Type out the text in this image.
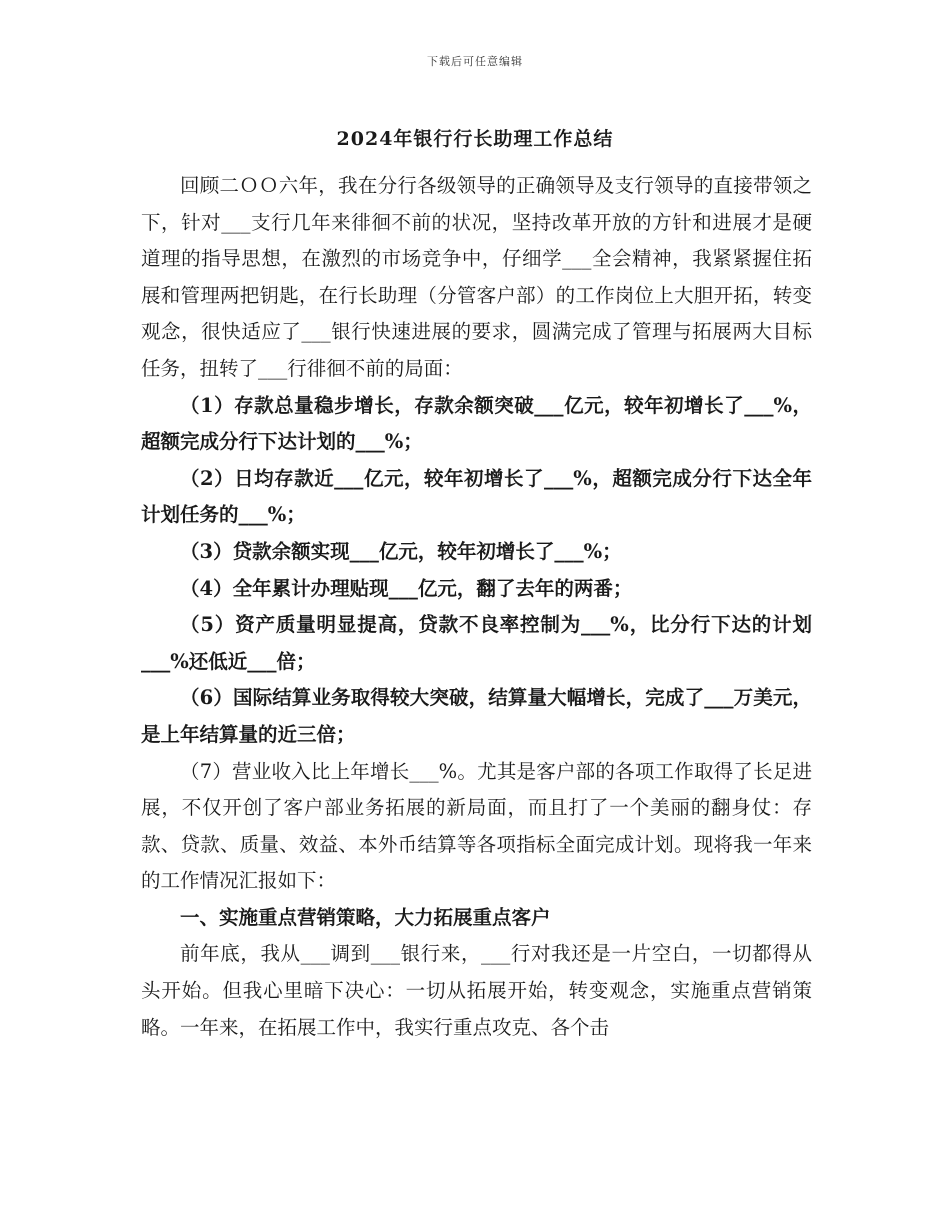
下载后可任意编辑
2024年银行行长助理工作总结

回顾二ＯＯ六年，我在分行各级领导的正确领导及支行领导的直接带领之下，针对___支行几年来徘徊不前的状况，坚持改革开放的方针和进展才是硬道理的指导思想，在激烈的市场竞争中，仔细学___全会精神，我紧紧握住拓展和管理两把钥匙，在行长助理（分管客户部）的工作岗位上大胆开拓，转变观念，很快适应了___银行快速进展的要求，圆满完成了管理与拓展两大目标任务，扭转了___行徘徊不前的局面：

（1）存款总量稳步增长，存款余额突破___亿元，较年初增长了___%，超额完成分行下达计划的___%；

（2）日均存款近___亿元，较年初增长了___%，超额完成分行下达全年计划任务的___%；

（3）贷款余额实现___亿元，较年初增长了___%；

（4）全年累计办理贴现___亿元，翻了去年的两番；

（5）资产质量明显提高，贷款不良率控制为___%，比分行下达的计划___%还低近___倍；

（6）国际结算业务取得较大突破，结算量大幅增长，完成了___万美元，是上年结算量的近三倍；

（7）营业收入比上年增长___%。尤其是客户部的各项工作取得了长足进展，不仅开创了客户部业务拓展的新局面，而且打了一个美丽的翻身仗：存款、贷款、质量、效益、本外币结算等各项指标全面完成计划。现将我一年来的工作情况汇报如下：

一、实施重点营销策略，大力拓展重点客户

前年底，我从___调到___银行来，___行对我还是一片空白，一切都得从头开始。但我心里暗下决心：一切从拓展开始，转变观念，实施重点营销策略。一年来，在拓展工作中，我实行重点攻克、各个击
